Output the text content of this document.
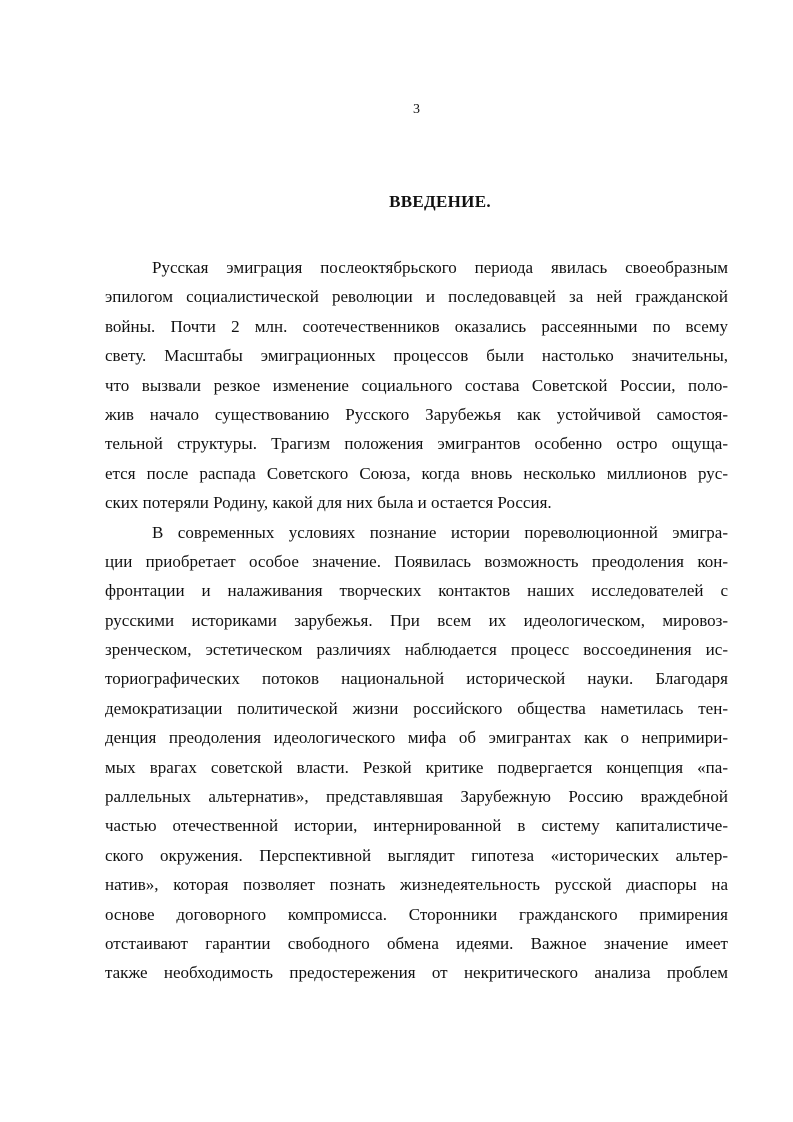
3
ВВЕДЕНИЕ.
Русская эмиграция послеоктябрьского периода явилась своеобразным
эпилогом социалистической революции и последовавцей за ней гражданской
войны. Почти 2 млн. соотечественников оказались рассеянными по всему
свету. Масштабы эмиграционных процессов были настолько значительны,
что вызвали резкое изменение социального состава Советской России, поло-
жив начало существованию Русского Зарубежья как устойчивой самостоя-
тельной структуры. Трагизм положения эмигрантов особенно остро ощуща-
ется после распада Советского Союза, когда вновь несколько миллионов рус-
ских потеряли Родину, какой для них была и остается Россия.
В современных условиях познание истории пореволюционной эмигра-
ции приобретает особое значение. Появилась возможность преодоления кон-
фронтации и налаживания творческих контактов наших исследователей с
русскими историками зарубежья. При всем их идеологическом, мировоз-
зренческом, эстетическом различиях наблюдается процесс воссоединения ис-
ториографических потоков национальной исторической науки. Благодаря
демократизации политической жизни российского общества наметилась тен-
денция преодоления идеологического мифа об эмигрантах как о непримири-
мых врагах советской власти. Резкой критике подвергается концепция «па-
раллельных альтернатив», представлявшая Зарубежную Россию враждебной
частью отечественной истории, интернированной в систему капиталистиче-
ского окружения. Перспективной выглядит гипотеза «исторических альтер-
натив», которая позволяет познать жизнедеятельность русской диаспоры на
основе договорного компромисса. Сторонники гражданского примирения
отстаивают гарантии свободного обмена идеями. Важное значение имеет
также необходимость предостережения от некритического анализа проблем
